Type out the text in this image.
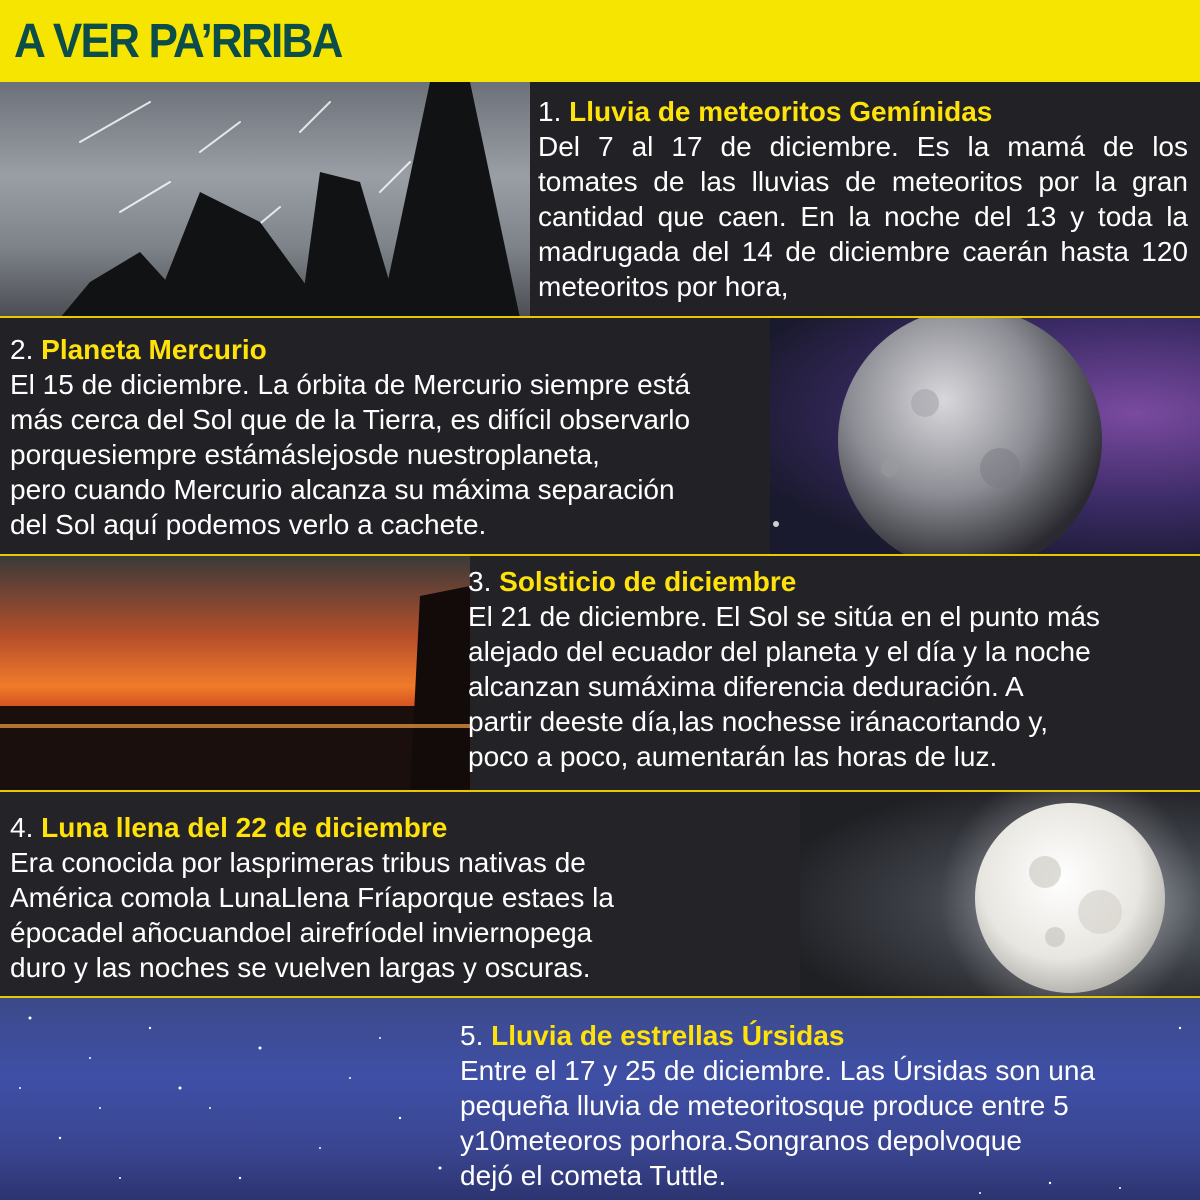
A VER PA’RRIBA
1. Lluvia de meteoritos Gemínidas
Del 7 al 17 de diciembre. Es la mamá de los tomates de las lluvias de meteoritos por la gran cantidad que caen. En la noche del 13 y toda la madrugada del 14 de diciembre caerán hasta 120 meteoritos por hora,
2. Planeta Mercurio
El 15 de diciembre. La órbita de Mercurio siempre está
más cerca del Sol que de la Tierra, es difícil observarlo
porquesiempre estámáslejosde nuestroplaneta,
pero cuando Mercurio alcanza su máxima separación
del Sol aquí podemos verlo a cachete.
3. Solsticio de diciembre
El 21 de diciembre. El Sol se sitúa en el punto más
alejado del ecuador del planeta y el día y la noche
alcanzan sumáxima diferencia deduración. A
partir deeste día,las nochesse iránacortando y,
poco a poco, aumentarán las horas de luz.
4. Luna llena del 22 de diciembre
Era conocida por lasprimeras tribus nativas de
América comola LunaLlena Fríaporque estaes la
épocadel añocuandoel airefríodel inviernopega
duro y las noches se vuelven largas y oscuras.
5. Lluvia de estrellas Úrsidas
Entre el 17 y 25 de diciembre. Las Úrsidas son una
pequeña lluvia de meteoritosque produce entre 5
y10meteoros porhora.Songranos depolvoque
dejó el cometa Tuttle.
